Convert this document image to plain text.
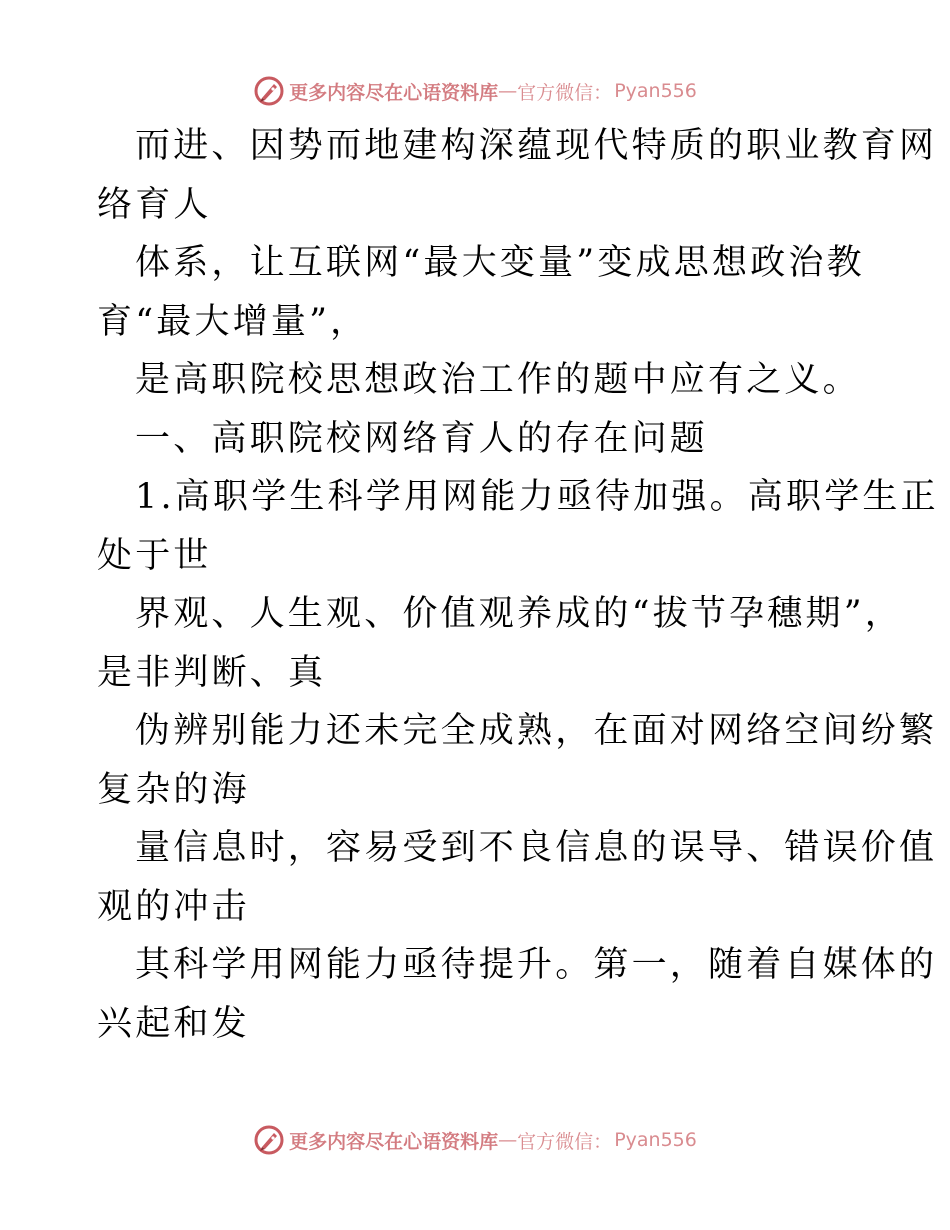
更多内容尽在心语资料库 — 官方微信： Pyan556
而进、因势而地建构深蕴现代特质的职业教育网
络育人
体系，让互联网“最大变量”变成思想政治教
育“最大增量”，
是高职院校思想政治工作的题中应有之义。
一、高职院校网络育人的存在问题
1.高职学生科学用网能力亟待加强。高职学生正
处于世
界观、人生观、价值观养成的“拔节孕穗期”，
是非判断、真
伪辨别能力还未完全成熟，在面对网络空间纷繁
复杂的海
量信息时，容易受到不良信息的误导、错误价值
观的冲击
其科学用网能力亟待提升。第一，随着自媒体的
兴起和发
更多内容尽在心语资料库 — 官方微信： Pyan556
